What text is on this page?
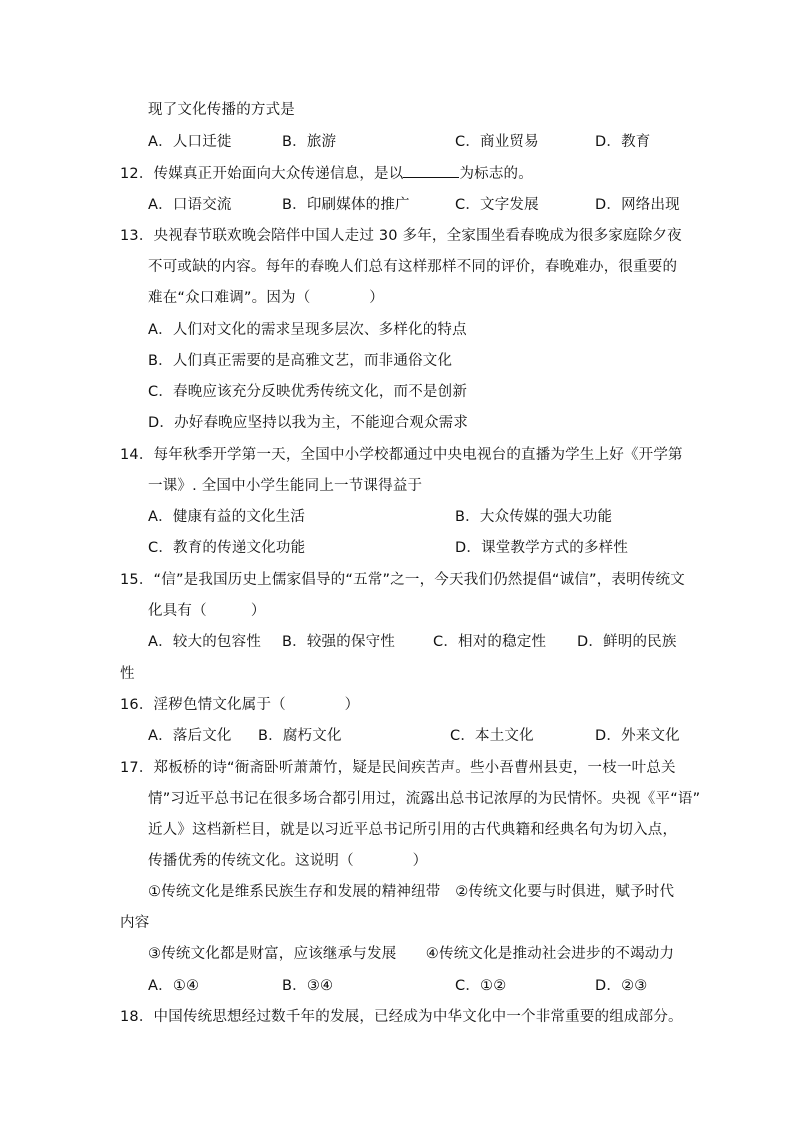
现了文化传播的方式是
A．人口迁徙	B．旅游	C．商业贸易	D．教育
12．传媒真正开始面向大众传递信息，是以	为标志的。
A．口语交流	B．印刷媒体的推广	C．文字发展	D．网络出现
13．央视春节联欢晚会陪伴中国人走过 30 多年，全家围坐看春晚成为很多家庭除夕夜
不可或缺的内容。每年的春晚人们总有这样那样不同的评价，春晚难办，很重要的
难在“众口难调”。因为（　　　　）
A．人们对文化的需求呈现多层次、多样化的特点
B．人们真正需要的是高雅文艺，而非通俗文化
C．春晚应该充分反映优秀传统文化，而不是创新
D．办好春晚应坚持以我为主，不能迎合观众需求
14．每年秋季开学第一天，全国中小学校都通过中央电视台的直播为学生上好《开学第
一课》. 全国中小学生能同上一节课得益于
A．健康有益的文化生活	B．大众传媒的强大功能
C．教育的传递文化功能	D．课堂教学方式的多样性
15．“信”是我国历史上儒家倡导的“五常”之一，今天我们仍然提倡“诚信”，表明传统文
化具有（　　　）
A．较大的包容性 B．较强的保守性	C．相对的稳定性 D．鲜明的民族
性
16．淫秽色情文化属于（　　　　）
A．落后文化 B．腐朽文化	C．本土文化	D．外来文化
17．郑板桥的诗“衙斋卧听萧萧竹，疑是民间疾苦声。些小吾曹州县吏，一枝一叶总关
情”习近平总书记在很多场合都引用过，流露出总书记浓厚的为民情怀。央视《平“语”
近人》这档新栏目，就是以习近平总书记所引用的古代典籍和经典名句为切入点，
传播优秀的传统文化。这说明（　　　　）
①传统文化是维系民族生存和发展的精神纽带　②传统文化要与时俱进，赋予时代
内容
③传统文化都是财富，应该继承与发展　　④传统文化是推动社会进步的不竭动力
A．①④	B．③④	C．①②	D．②③
18．中国传统思想经过数千年的发展，已经成为中华文化中一个非常重要的组成部分。
